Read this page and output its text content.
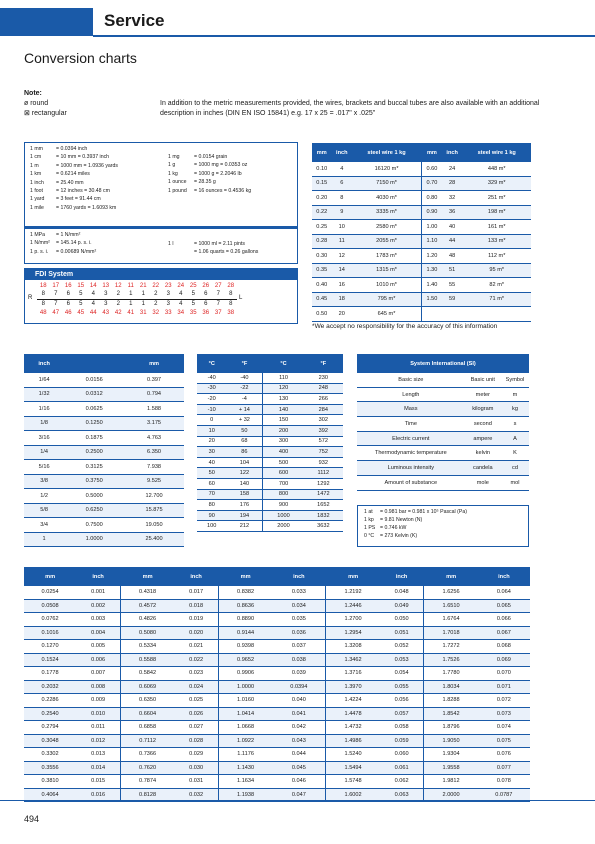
Service
Conversion charts
Note:
ø round
⊠ rectangular
In addition to the metric measurements provided, the wires, brackets and buccal tubes are also available with an additional description in inches (DIN EN ISO 15841) e.g. 17 x 25 = .017" x .025"
1 mm	= 0.0394 inch
1 cm	= 10 mm = 0.3937 inch
1 m	= 1000 mm = 1.0936 yards
1 km	= 0.6214 miles
1 inch	= 25.40 mm
1 foot	= 12 inches = 30.48 cm
1 yard	= 3 feet = 91.44 cm
1 mile	= 1760 yards = 1.6093 km
1 mg	= 0.0154 grain
1 g	= 1000 mg = 0.0353 oz
1 kg	= 1000 g = 2.2046 lb
1 ounce	= 28.35 g
1 pound	= 16 ounces = 0.4536 kg
1 MPa	= 1 N/mm²
1 N/mm²	= 145.14 p. s. i.
1 p. s. i.	= 0.00689 N/mm²
1 l	= 1000 ml = 2.11 pints
= 1.06 quarts = 0.26 gallons
FDI System
18 17 16 15 14 13 12	11	21 22 23 24 25 26 27 28
8	7	6	5	4	3	2	1	1	2	3	4	5	6	7	8
8	7	6	5	4	3	2	1	1	2	3	4	5	6	7	8
48 47 46 45 44 43 42 41 31 32 33 34 35 36 37 38
R	L
mm	inch	steel wire 1 kg	mm	inch	steel wire 1 kg
0.10	4	16120 m*	0.60	24	448 m*
0.15	6	7150 m*	0.70	28	329 m*
0.20	8	4030 m*	0.80	32	251 m*
0.22	9	3335 m*	0.90	36	198 m*
0.25	10	2580 m*	1.00	40	161 m*
0.28	11	2055 m*	1.10	44	133 m*
0.30	12	1783 m*	1.20	48	112 m*
0.35	14	1315 m*	1.30	51	95 m*
0.40	16	1010 m*	1.40	55	82 m*
0.45	18	795 m*	1.50	59	71 m*
0.50	20	645 m*			
*We accept no responsibility for the accuracy of this information
inch		mm
1/64	0.0156	0.397
1/32	0.0312	0.794
1/16	0.0625	1.588
1/8	0.1250	3.175
3/16	0.1875	4.763
1/4	0.2500	6.350
5/16	0.3125	7.938
3/8	0.3750	9.525
1/2	0.5000	12.700
5/8	0.6250	15.875
3/4	0.7500	19.050
1	1.0000	25.400
°C	°F	°C	°F
-40	-40	110	230
-30	-22	120	248
-20	-4	130	266
-10	+ 14	140	284
0	+ 32	150	302
10	50	200	392
20	68	300	572
30	86	400	752
40	104	500	932
50	122	600	1112
60	140	700	1292
70	158	800	1472
80	176	900	1652
90	194	1000	1832
100	212	2000	3632
System International (SI)		
Basic size	Basic unit	Symbol
Length	meter	m
Mass	kilogram	kg
Time	second	s
Electric current	ampere	A
Thermodynamic temperature	kelvin	K
Luminous intensity	candela	cd
Amount of substance	mole	mol
1 at	= 0.981 bar = 0.981 x 10⁵ Pascal (Pa)
1 kp	= 9.81 Newton (N)
1 PS = 0.746 kW
0 °C	= 273 Kelvin (K)
mm	inch	mm	inch	mm	inch	mm	inch	mm	inch
0.0254	0.001	0.4318	0.017	0.8382	0.033	1.2192	0.048	1.6256	0.064
0.0508	0.002	0.4572	0.018	0.8636	0.034	1.2446	0.049	1.6510	0.065
0.0762	0.003	0.4826	0.019	0.8890	0.035	1.2700	0.050	1.6764	0.066
0.1016	0.004	0.5080	0.020	0.9144	0.036	1.2954	0.051	1.7018	0.067
0.1270	0.005	0.5334	0.021	0.9398	0.037	1.3208	0.052	1.7272	0.068
0.1524	0.006	0.5588	0.022	0.9652	0.038	1.3462	0.053	1.7526	0.069
0.1778	0.007	0.5842	0.023	0.9906	0.039	1.3716	0.054	1.7780	0.070
0.2032	0.008	0.6069	0.024	1.0000	0.0394	1.3970	0.055	1.8034	0.071
0.2286	0.009	0.6350	0.025	1.0160	0.040	1.4224	0.056	1.8288	0.072
0.2540	0.010	0.6604	0.026	1.0414	0.041	1.4478	0.057	1.8542	0.073
0.2794	0.011	0.6858	0.027	1.0668	0.042	1.4732	0.058	1.8796	0.074
0.3048	0.012	0.7112	0.028	1.0922	0.043	1.4986	0.059	1.9050	0.075
0.3302	0.013	0.7366	0.029	1.1176	0.044	1.5240	0.060	1.9304	0.076
0.3556	0.014	0.7620	0.030	1.1430	0.045	1.5494	0.061	1.9558	0.077
0.3810	0.015	0.7874	0.031	1.1634	0.046	1.5748	0.062	1.9812	0.078
0.4064	0.016	0.8128	0.032	1.1938	0.047	1.6002	0.063	2.0000	0.0787
494
